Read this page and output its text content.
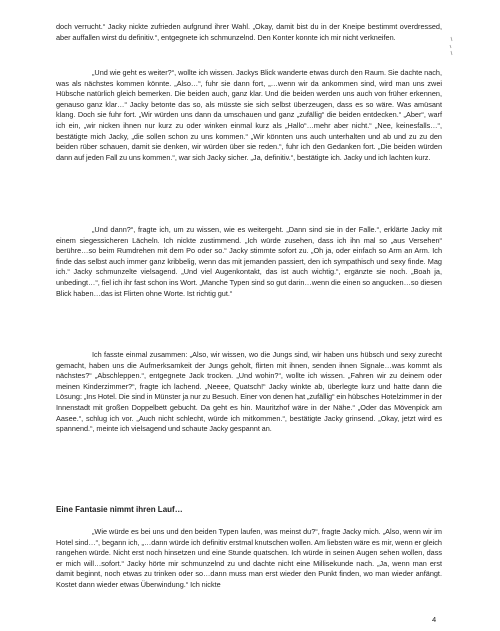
doch verrucht.“ Jacky nickte zufrieden aufgrund ihrer Wahl. „Okay, damit bist du in der Kneipe bestimmt overdressed, aber auffallen wirst du definitiv.“, entgegnete ich schmunzelnd. Den Konter konnte ich mir nicht verkneifen.

„Und wie geht es weiter?“, wollte ich wissen. Jackys Blick wanderte etwas durch den Raum. Sie dachte nach, was als nächstes kommen könnte. „Also…“, fuhr sie dann fort, „…wenn wir da ankommen sind, wird man uns zwei Hübsche natürlich gleich bemerken. Die beiden auch, ganz klar. Und die beiden werden uns auch von früher erkennen, genauso ganz klar…“ Jacky betonte das so, als müsste sie sich selbst überzeugen, dass es so wäre. Was amüsant klang. Doch sie fuhr fort. „Wir würden uns dann da umschauen und ganz „zufällig“ die beiden entdecken.“ „Aber“, warf ich ein, „wir nicken ihnen nur kurz zu oder winken einmal kurz als „Hallo“…mehr aber nicht.“ „Nee, keinesfalls…“, bestätigte mich Jacky, „die sollen schon zu uns kommen.“ „Wir könnten uns auch unterhalten und ab und zu zu den beiden rüber schauen, damit sie denken, wir würden über sie reden.“, fuhr ich den Gedanken fort. „Die beiden würden dann auf jeden Fall zu uns kommen.“, war sich Jacky sicher. „Ja, definitiv.“, bestätigte ich. Jacky und ich lachten kurz.

„Und dann?“, fragte ich, um zu wissen, wie es weitergeht. „Dann sind sie in der Falle.“, erklärte Jacky mit einem siegessicheren Lächeln. Ich nickte zustimmend. „Ich würde zusehen, dass ich ihn mal so „aus Versehen“ berühre…so beim Rumdrehen mit dem Po oder so.“ Jacky stimmte sofort zu. „Oh ja, oder einfach so Arm an Arm. Ich finde das selbst auch immer ganz kribbelig, wenn das mit jemanden passiert, den ich sympathisch und sexy finde. Mag ich.“ Jacky schmunzelte vielsagend. „Und viel Augenkontakt, das ist auch wichtig.“, ergänzte sie noch. „Boah ja, unbedingt…“, fiel ich ihr fast schon ins Wort. „Manche Typen sind so gut darin…wenn die einen so angucken…so diesen Blick haben…das ist Flirten ohne Worte. Ist richtig gut.“

Ich fasste einmal zusammen: „Also, wir wissen, wo die Jungs sind, wir haben uns hübsch und sexy zurecht gemacht, haben uns die Aufmerksamkeit der Jungs geholt, flirten mit ihnen, senden ihnen Signale…was kommt als nächstes?“ „Abschleppen.“, entgegnete Jack trocken. „Und wohin?“, wollte ich wissen. „Fahren wir zu deinem oder meinen Kinderzimmer?“, fragte ich lachend. „Neeee, Quatsch!“ Jacky winkte ab, überlegte kurz und hatte dann die Lösung: „Ins Hotel. Die sind in Münster ja nur zu Besuch. Einer von denen hat „zufällig“ ein hübsches Hotelzimmer in der Innenstadt mit großen Doppelbett gebucht. Da geht es hin. Mauritzhof wäre in der Nähe.“ „Oder das Mövenpick am Aasee.“, schlug ich vor. „Auch nicht schlecht, würde ich mitkommen.“, bestätigte Jacky grinsend. „Okay, jetzt wird es spannend.“, meinte ich vielsagend und schaute Jacky gespannt an.

Eine Fantasie nimmt ihren Lauf…

„Wie würde es bei uns und den beiden Typen laufen, was meinst du?“, fragte Jacky mich. „Also, wenn wir im Hotel sind…“, begann ich, „…dann würde ich definitiv erstmal knutschen wollen. Am liebsten wäre es mir, wenn er gleich rangehen würde. Nicht erst noch hinsetzen und eine Stunde quatschen. Ich würde in seinen Augen sehen wollen, dass er mich will…sofort.“ Jacky hörte mir schmunzelnd zu und dachte nicht eine Millisekunde nach. „Ja, wenn man erst damit beginnt, noch etwas zu trinken oder so…dann muss man erst wieder den Punkt finden, wo man wieder anfängt. Kostet dann wieder etwas Überwindung.“ Ich nickte

4
